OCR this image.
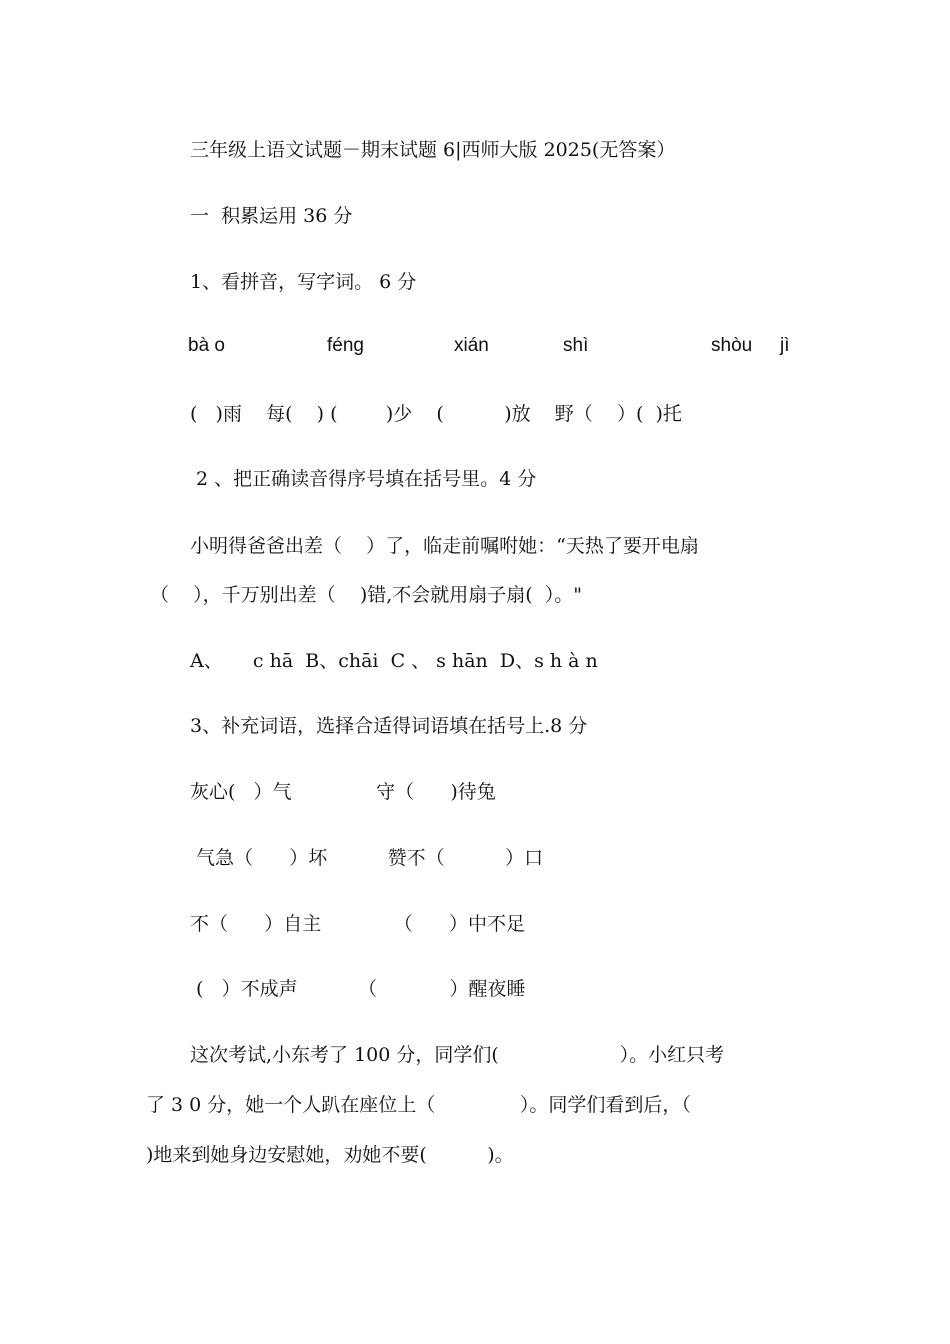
三年级上语文试题－期末试题 6|西师大版 2025(无答案）
一  积累运用 36 分
1、看拼音，写字词。 6 分
bà o	féng	xián	shì	shòu jì
(   )雨    每(    ) (        )少    (          )放    野（    ）(  )托
2 、把正确读音得序号填在括号里。4 分
小明得爸爸出差（    ）了，临走前嘱咐她：“天热了要开电扇
（    ），千万别出差（    )错,不会就用扇子扇(  ）。"
A、     c hā  B、chāi  C 、 s hān  D、s h à n
3、补充词语，选择合适得词语填在括号上.8 分
灰心(   ）气              守（      )待兔
气急（      ）坏          赞不（          ）口
不（      ）自主            （      ）中不足
(   ）不成声          （            ）醒夜睡
这次考试,小东考了 100 分，同学们(                    ）。小红只考
了 3 0 分，她一个人趴在座位上（              ）。同学们看到后，（
)地来到她身边安慰她，劝她不要(          )。
